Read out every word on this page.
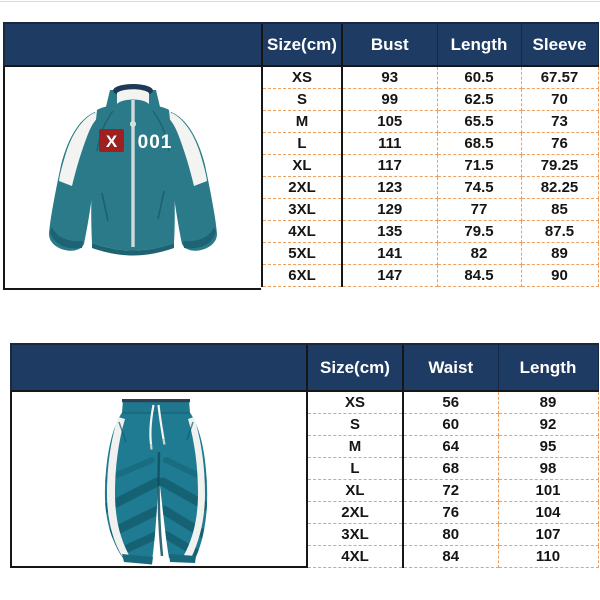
X 001
Size(cm)	Bust	Length	Sleeve
XS	93	60.5	67.57
S	99	62.5	70
M	105	65.5	73
L	111	68.5	76
XL	117	71.5	79.25
2XL	123	74.5	82.25
3XL	129	77	85
4XL	135	79.5	87.5
5XL	141	82	89
6XL	147	84.5	90
Size(cm)	Waist	Length
XS	56	89
S	60	92
M	64	95
L	68	98
XL	72	101
2XL	76	104
3XL	80	107
4XL	84	110
